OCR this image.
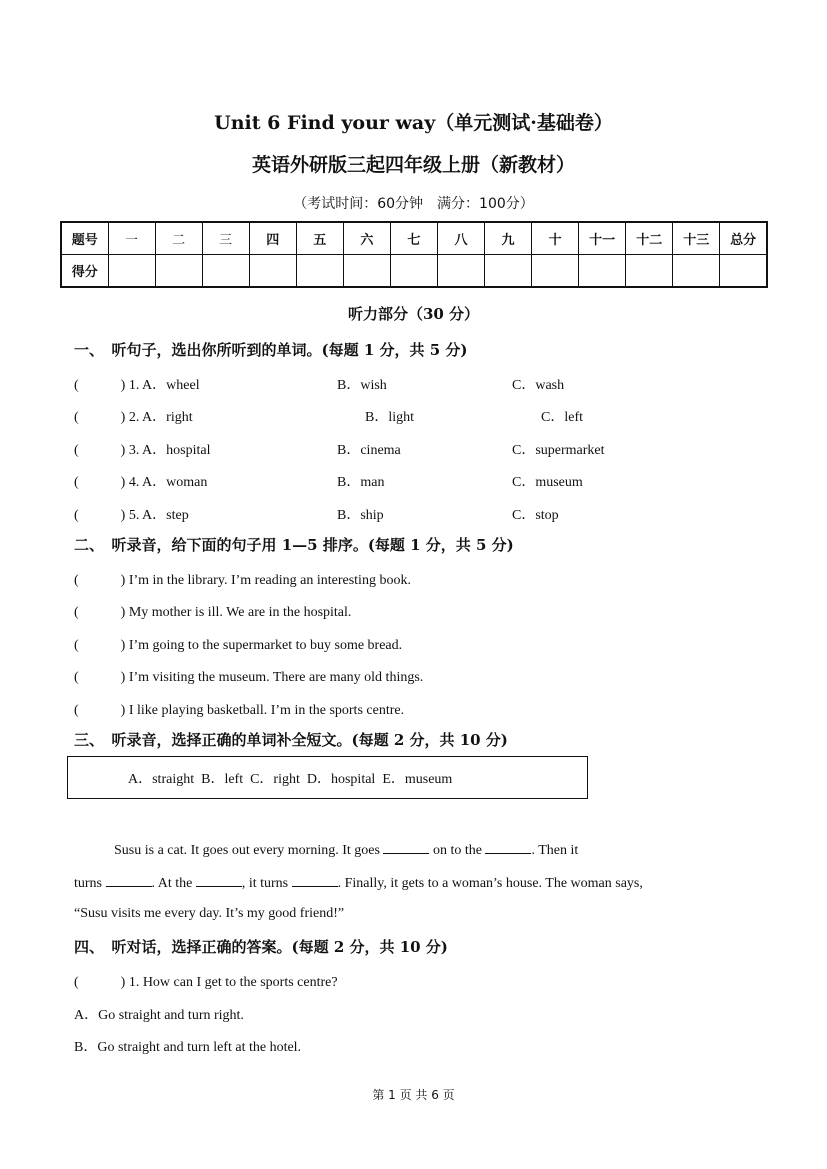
Unit 6 Find your way（单元测试·基础卷）
英语外研版三起四年级上册（新教材）
（考试时间：60分钟　满分：100分）
题号	一	二	三	四	五	六	七	八	九	十	十一	十二	十三	总分
得分														
听力部分（30 分）
一、　听句子，选出你所听到的单词。(每题 1 分，共 5 分)
(　　　) 1. A．wheel	B．wish	C．wash
(　　　) 2. A．right	B．light	C．left
(　　　) 3. A．hospital	B．cinema	C．supermarket
(　　　) 4. A．woman	B．man	C．museum
(　　　) 5. A．step	B．ship	C．stop
二、　听录音，给下面的句子用 1—5 排序。(每题 1 分，共 5 分)
(　　　) I’m in the library. I’m reading an interesting book.
(　　　) My mother is ill. We are in the hospital.
(　　　) I’m going to the supermarket to buy some bread.
(　　　) I’m visiting the museum. There are many old things.
(　　　) I like playing basketball. I’m in the sports centre.
三、　听录音，选择正确的单词补全短文。(每题 2 分，共 10 分)
A．straight  B．left  C．right  D．hospital  E．museum
Susu is a cat. It goes out every morning. It goes	on to the	. Then it
turns	. At the	, it turns	. Finally, it gets to a woman’s house. The woman says,
“Susu visits me every day. It’s my good friend!”
四、　听对话，选择正确的答案。(每题 2 分，共 10 分)
(　　　) 1. How can I get to the sports centre?
A．Go straight and turn right.
B．Go straight and turn left at the hotel.
第 1 页 共 6 页
